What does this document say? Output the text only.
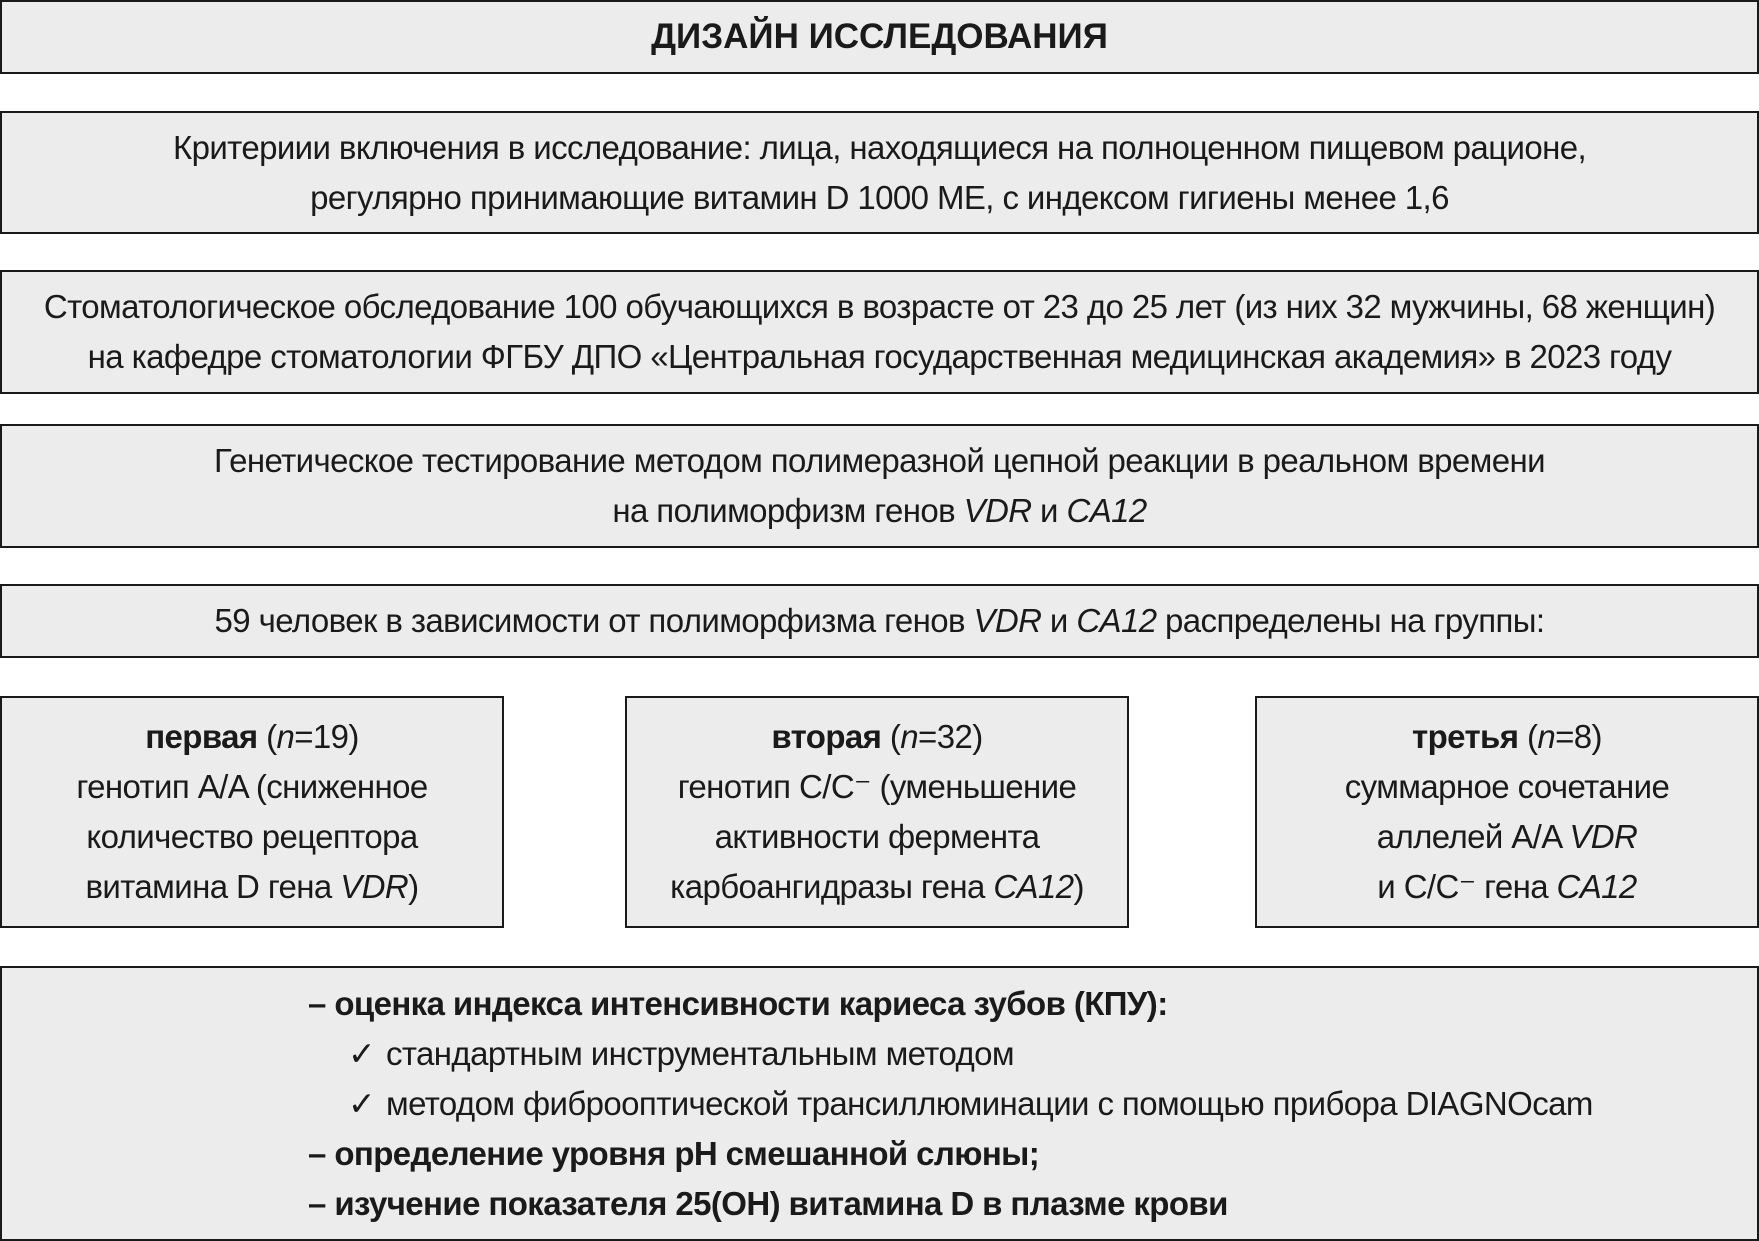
ДИЗАЙН ИССЛЕДОВАНИЯ
Критериии включения в исследование: лица, находящиеся на полноценном пищевом рационе,
регулярно принимающие витамин D 1000 МЕ, с индексом гигиены менее 1,6
Стоматологическое обследование 100 обучающихся в возрасте от 23 до 25 лет (из них 32 мужчины, 68 женщин)
на кафедре стоматологии ФГБУ ДПО «Центральная государственная медицинская академия» в 2023 году
Генетическое тестирование методом полимеразной цепной реакции в реальном времени
на полиморфизм генов VDR и CA12
59 человек в зависимости от полиморфизма генов VDR и CA12 распределены на группы:
первая (n=19)
генотип A/A (сниженное
количество рецептора
витамина D гена VDR)
вторая (n=32)
генотип C/C⁻ (уменьшение
активности фермента
карбоангидразы гена CA12)
третья (n=8)
суммарное сочетание
аллелей A/A VDR
и C/C⁻ гена CA12
– оценка индекса интенсивности кариеса зубов (КПУ):
✓ стандартным инструментальным методом
✓ методом фиброоптической трансиллюминации с помощью прибора DIAGNOcam
– определение уровня pH смешанной слюны;
– изучение показателя 25(OH) витамина D в плазме крови
